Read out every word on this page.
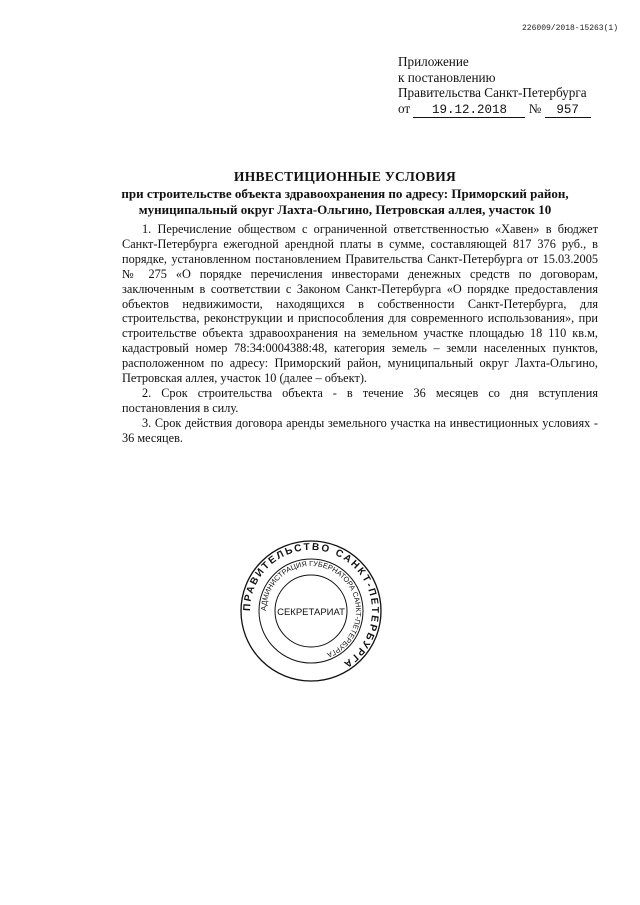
226009/2018-15263(1)
Приложение
к постановлению
Правительства Санкт-Петербурга
от 19.12.2018 № 957
ИНВЕСТИЦИОННЫЕ УСЛОВИЯ
при строительстве объекта здравоохранения по адресу: Приморский район, муниципальный округ Лахта-Ольгино, Петровская аллея, участок 10

1. Перечисление обществом с ограниченной ответственностью «Хавен» в бюджет Санкт-Петербурга ежегодной арендной платы в сумме, составляющей 817 376 руб., в порядке, установленном постановлением Правительства Санкт-Петербурга от 15.03.2005 № 275 «О порядке перечисления инвесторами денежных средств по договорам, заключенным в соответствии с Законом Санкт-Петербурга «О порядке предоставления объектов недвижимости, находящихся в собственности Санкт-Петербурга, для строительства, реконструкции и приспособления для современного использования», при строительстве объекта здравоохранения на земельном участке площадью 18 110 кв.м, кадастровый номер 78:34:0004388:48, категория земель – земли населенных пунктов, расположенном по адресу: Приморский район, муниципальный округ Лахта-Ольгино, Петровская аллея, участок 10 (далее – объект).

2. Срок строительства объекта - в течение 36 месяцев со дня вступления постановления в силу.

3. Срок действия договора аренды земельного участка на инвестиционных условиях - 36 месяцев.

ПРАВИТЕЛЬСТВО САНКТ-ПЕТЕРБУРГА
АДМИНИСТРАЦИЯ ГУБЕРНАТОРА САНКТ-ПЕТЕРБУРГА
СЕКРЕТАРИАТ
